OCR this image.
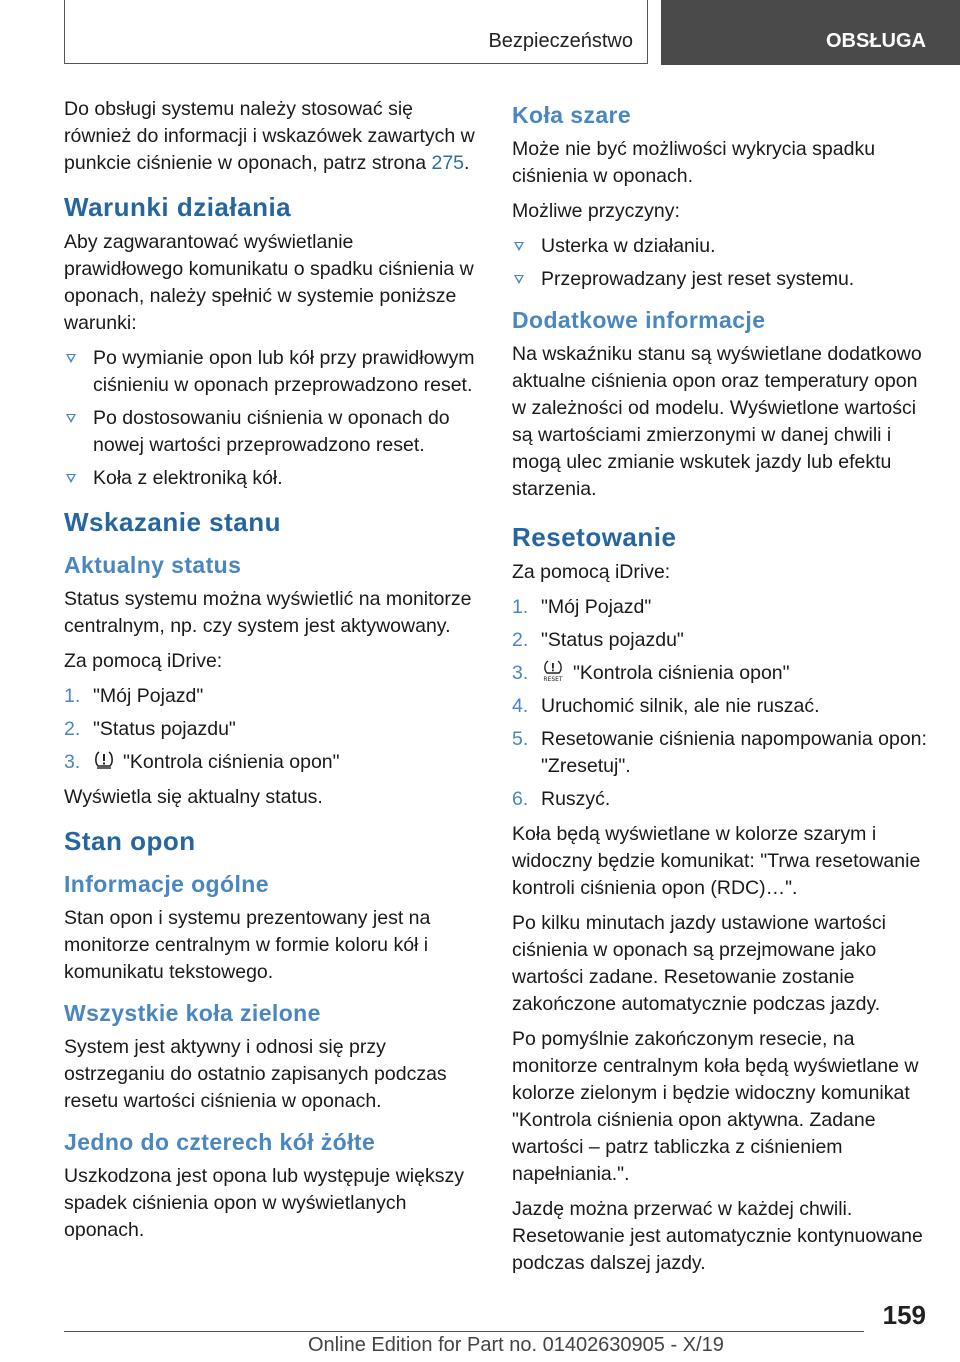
Bezpieczeństwo	OBSŁUGA

Do obsługi systemu należy stosować się również do informacji i wskazówek zawartych w punkcie ciśnienie w oponach, patrz strona 275.

Warunki działania

Aby zagwarantować wyświetlanie prawidłowego komunikatu o spadku ciśnienia w oponach, należy spełnić w systemie poniższe warunki:

Po wymianie opon lub kół przy prawidłowym ciśnieniu w oponach przeprowadzono reset.
Po dostosowaniu ciśnienia w oponach do nowej wartości przeprowadzono reset.
Koła z elektroniką kół.
Wskazanie stanu
Aktualny status

Status systemu można wyświetlić na monitorze centralnym, np. czy system jest aktywowany.

Za pomocą iDrive:

1. "Mój Pojazd"
2. "Status pojazdu"
3. "Kontrola ciśnienia opon"

Wyświetla się aktualny status.

Stan opon
Informacje ogólne

Stan opon i systemu prezentowany jest na monitorze centralnym w formie koloru kół i komunikatu tekstowego.

Wszystkie koła zielone

System jest aktywny i odnosi się przy ostrzeganiu do ostatnio zapisanych podczas resetu wartości ciśnienia w oponach.

Jedno do czterech kół żółte

Uszkodzona jest opona lub występuje większy spadek ciśnienia opon w wyświetlanych oponach.

Koła szare

Może nie być możliwości wykrycia spadku ciśnienia w oponach.

Możliwe przyczyny:

Usterka w działaniu.
Przeprowadzany jest reset systemu.
Dodatkowe informacje

Na wskaźniku stanu są wyświetlane dodatkowo aktualne ciśnienia opon oraz temperatury opon w zależności od modelu. Wyświetlone wartości są wartościami zmierzonymi w danej chwili i mogą ulec zmianie wskutek jazdy lub efektu starzenia.

Resetowanie

Za pomocą iDrive:

1. "Mój Pojazd"
2. "Status pojazdu"
3.	RESET "Kontrola ciśnienia opon"
4. Uruchomić silnik, ale nie ruszać.
5. Resetowanie ciśnienia napompowania opon: "Zresetuj".
6. Ruszyć.

Koła będą wyświetlane w kolorze szarym i widoczny będzie komunikat: "Trwa resetowanie kontroli ciśnienia opon (RDC)…".

Po kilku minutach jazdy ustawione wartości ciśnienia w oponach są przejmowane jako wartości zadane. Resetowanie zostanie zakończone automatycznie podczas jazdy.

Po pomyślnie zakończonym resecie, na monitorze centralnym koła będą wyświetlane w kolorze zielonym i będzie widoczny komunikat "Kontrola ciśnienia opon aktywna. Zadane wartości – patrz tabliczka z ciśnieniem napełniania.".

Jazdę można przerwać w każdej chwili. Resetowanie jest automatycznie kontynuowane podczas dalszej jazdy.

159
Online Edition for Part no. 01402630905 - X/19
